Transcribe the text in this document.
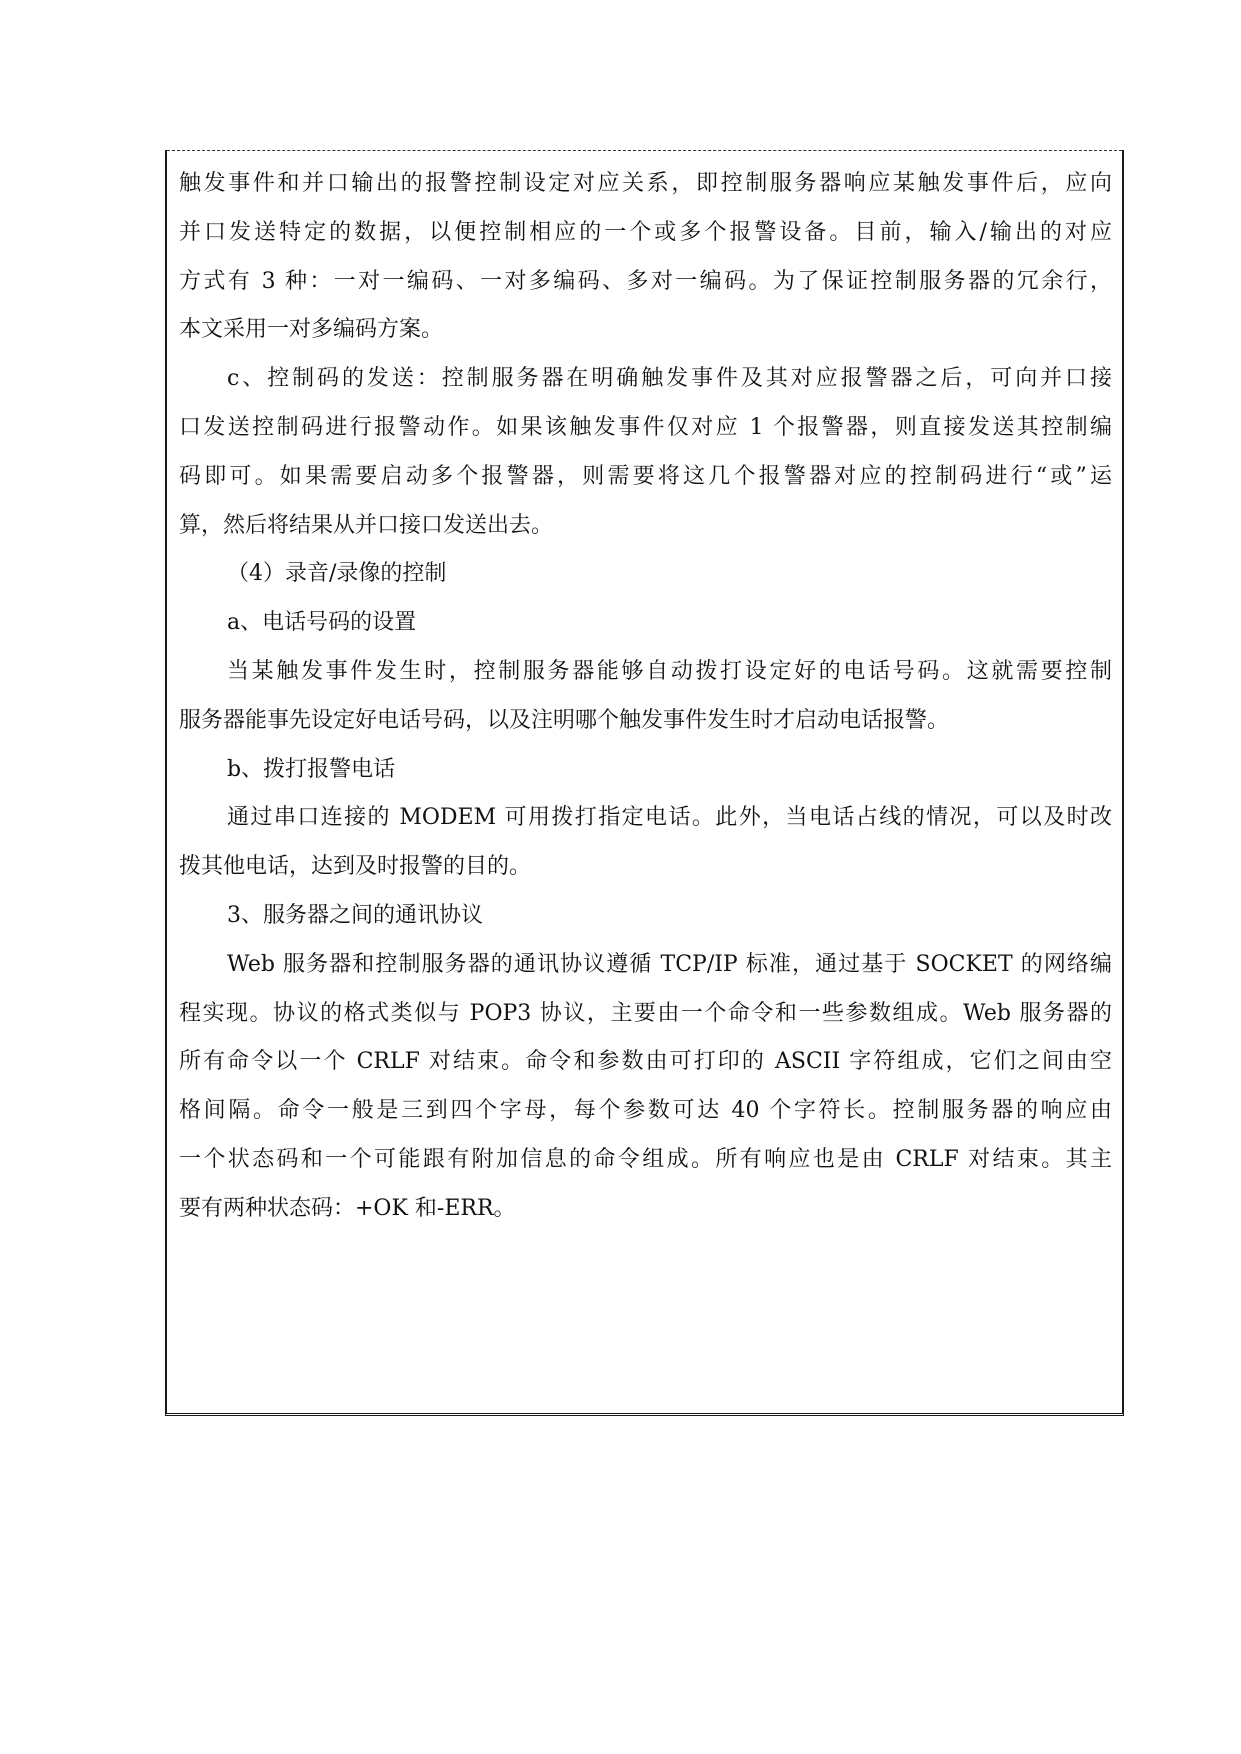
触发事件和并口输出的报警控制设定对应关系，即控制服务器响应某触发事件后，应向
并口发送特定的数据，以便控制相应的一个或多个报警设备。目前，输入/输出的对应
方式有 3 种：一对一编码、一对多编码、多对一编码。为了保证控制服务器的冗余行，
本文采用一对多编码方案。
c、控制码的发送：控制服务器在明确触发事件及其对应报警器之后，可向并口接
口发送控制码进行报警动作。如果该触发事件仅对应 1 个报警器，则直接发送其控制编
码即可。如果需要启动多个报警器，则需要将这几个报警器对应的控制码进行“或”运
算，然后将结果从并口接口发送出去。
（4）录音/录像的控制
a、电话号码的设置
当某触发事件发生时，控制服务器能够自动拨打设定好的电话号码。这就需要控制
服务器能事先设定好电话号码，以及注明哪个触发事件发生时才启动电话报警。
b、拨打报警电话
通过串口连接的 MODEM 可用拨打指定电话。此外，当电话占线的情况，可以及时改
拨其他电话，达到及时报警的目的。
3、服务器之间的通讯协议
Web 服务器和控制服务器的通讯协议遵循 TCP/IP 标准，通过基于 SOCKET 的网络编
程实现。协议的格式类似与 POP3 协议，主要由一个命令和一些参数组成。Web 服务器的
所有命令以一个 CRLF 对结束。命令和参数由可打印的 ASCII 字符组成，它们之间由空
格间隔。命令一般是三到四个字母，每个参数可达 40 个字符长。控制服务器的响应由
一个状态码和一个可能跟有附加信息的命令组成。所有响应也是由 CRLF 对结束。其主
要有两种状态码：+OK 和-ERR。
